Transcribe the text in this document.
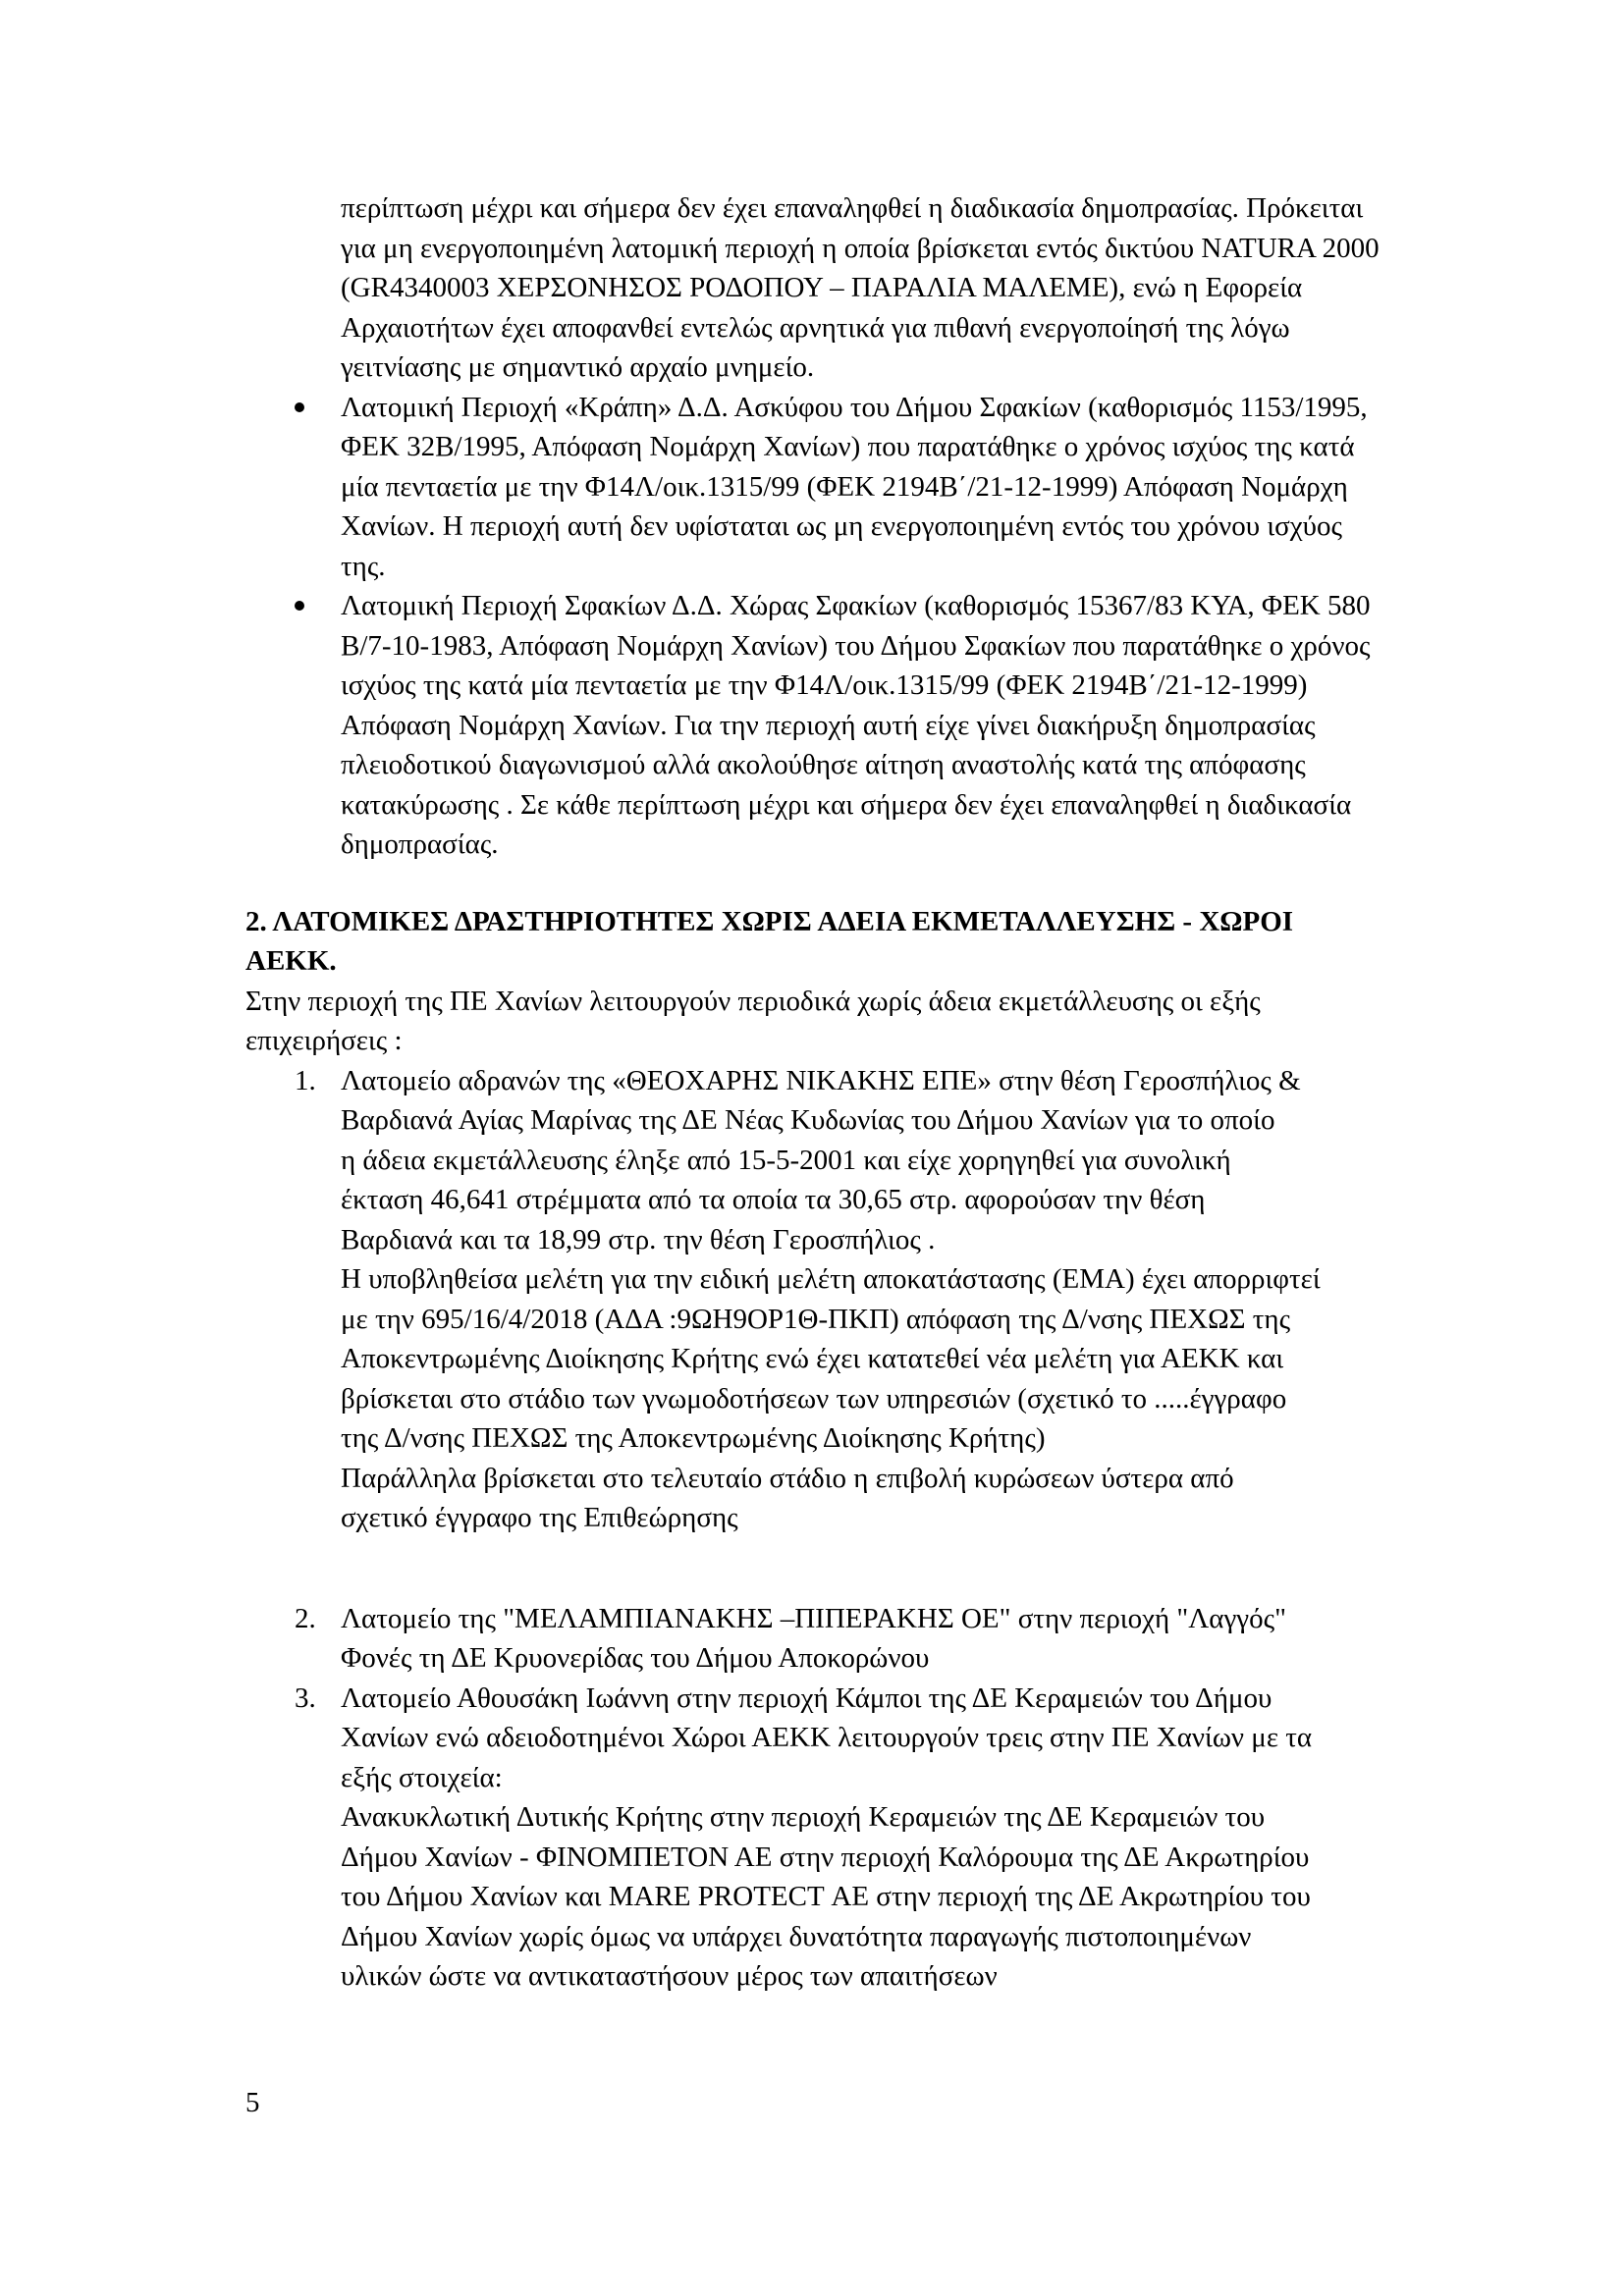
περίπτωση μέχρι και σήμερα δεν έχει επαναληφθεί η διαδικασία δημοπρασίας. Πρόκειται
για μη ενεργοποιημένη λατομική περιοχή η οποία βρίσκεται εντός δικτύου NATURA 2000
(GR4340003 ΧΕΡΣΟΝΗΣΟΣ ΡΟΔΟΠΟΥ – ΠΑΡΑΛΙΑ ΜΑΛΕΜΕ), ενώ η Εφορεία
Αρχαιοτήτων έχει αποφανθεί εντελώς αρνητικά για πιθανή ενεργοποίησή της λόγω
γειτνίασης με σημαντικό αρχαίο μνημείο.

Λατομική Περιοχή «Κράπη» Δ.Δ. Ασκύφου του Δήμου Σφακίων (καθορισμός 1153/1995,
ΦΕΚ 32Β/1995, Απόφαση Νομάρχη Χανίων) που παρατάθηκε ο χρόνος ισχύος της κατά
μία πενταετία με την Φ14Λ/οικ.1315/99 (ΦΕΚ 2194Β΄/21-12-1999) Απόφαση Νομάρχη
Χανίων. Η περιοχή αυτή δεν υφίσταται ως μη ενεργοποιημένη εντός του χρόνου ισχύος
της.

Λατομική Περιοχή Σφακίων Δ.Δ. Χώρας Σφακίων (καθορισμός 15367/83 ΚΥΑ, ΦΕΚ 580
Β/7-10-1983, Απόφαση Νομάρχη Χανίων) του Δήμου Σφακίων που παρατάθηκε ο χρόνος
ισχύος της κατά μία πενταετία με την Φ14Λ/οικ.1315/99 (ΦΕΚ 2194Β΄/21-12-1999)
Απόφαση Νομάρχη Χανίων. Για την περιοχή αυτή είχε γίνει διακήρυξη δημοπρασίας
πλειοδοτικού διαγωνισμού αλλά ακολούθησε αίτηση αναστολής κατά της απόφασης
κατακύρωσης . Σε κάθε περίπτωση μέχρι και σήμερα δεν έχει επαναληφθεί η διαδικασία
δημοπρασίας.

2. ΛΑΤΟΜΙΚΕΣ ΔΡΑΣΤΗΡΙΟΤΗΤΕΣ ΧΩΡΙΣ ΑΔΕΙΑ ΕΚΜΕΤΑΛΛΕΥΣΗΣ - ΧΩΡΟΙ
ΑΕΚΚ.

Στην περιοχή της ΠΕ Χανίων λειτουργούν περιοδικά χωρίς άδεια εκμετάλλευσης οι εξής
επιχειρήσεις :

1. Λατομείο αδρανών της «ΘΕΟΧΑΡΗΣ ΝΙΚΑΚΗΣ ΕΠΕ» στην θέση Γεροσπήλιος &
Βαρδιανά Αγίας Μαρίνας της ΔΕ Νέας Κυδωνίας του Δήμου Χανίων για το οποίο
η άδεια εκμετάλλευσης έληξε από 15-5-2001 και είχε χορηγηθεί για συνολική
έκταση 46,641 στρέμματα από τα οποία τα 30,65 στρ. αφορούσαν την θέση
Βαρδιανά και τα 18,99 στρ. την θέση Γεροσπήλιος .

Η υποβληθείσα μελέτη για την ειδική μελέτη αποκατάστασης (ΕΜΑ) έχει απορριφτεί
με την 695/16/4/2018 (ΑΔΑ :9ΩΗ9ΟΡ1Θ-ΠΚΠ) απόφαση της Δ/νσης ΠΕΧΩΣ της
Αποκεντρωμένης Διοίκησης Κρήτης ενώ έχει κατατεθεί νέα μελέτη για ΑΕΚΚ και
βρίσκεται στο στάδιο των γνωμοδοτήσεων των υπηρεσιών (σχετικό το .....έγγραφο
της Δ/νσης ΠΕΧΩΣ της Αποκεντρωμένης Διοίκησης Κρήτης)

Παράλληλα βρίσκεται στο τελευταίο στάδιο η επιβολή κυρώσεων ύστερα από
σχετικό έγγραφο της Επιθεώρησης

2. Λατομείο της "ΜΕΛΑΜΠΙΑΝΑΚΗΣ –ΠΙΠΕΡΑΚΗΣ ΟΕ" στην περιοχή "Λαγγός"
Φονές τη ΔΕ Κρυονερίδας του Δήμου Αποκορώνου

3. Λατομείο Αθουσάκη Ιωάννη στην περιοχή Κάμποι της ΔΕ Κεραμειών του Δήμου
Χανίων ενώ αδειοδοτημένοι Χώροι ΑΕΚΚ λειτουργούν τρεις στην ΠΕ Χανίων με τα
εξής στοιχεία:

Ανακυκλωτική Δυτικής Κρήτης στην περιοχή Κεραμειών της ΔΕ Κεραμειών του
Δήμου Χανίων - ΦΙΝΟΜΠΕΤΟΝ ΑΕ στην περιοχή Καλόρουμα της ΔΕ Ακρωτηρίου
του Δήμου Χανίων και MARE PROTECT ΑΕ στην περιοχή της ΔΕ Ακρωτηρίου του
Δήμου Χανίων χωρίς όμως να υπάρχει δυνατότητα παραγωγής πιστοποιημένων
υλικών ώστε να αντικαταστήσουν μέρος των απαιτήσεων

5
